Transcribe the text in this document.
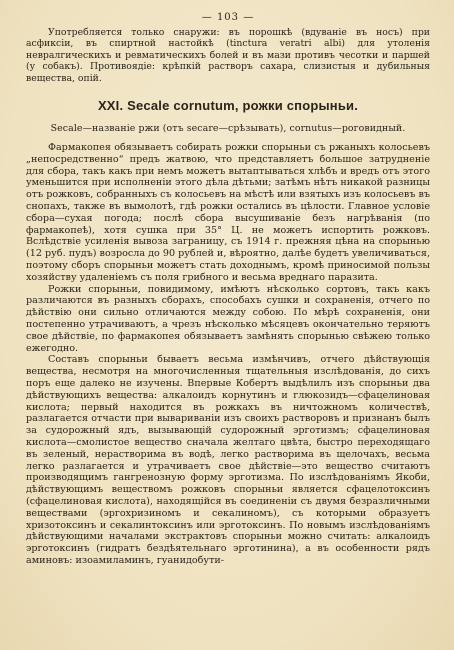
— 103 —

Употребляется только снаружи: въ порошкѣ (вдуваніе въ носъ) при асфиксіи, въ спиртной настойкѣ (tinctura veratri albi) для утоленія невралгическихъ и ревматическихъ болей и въ мази противъ чесотки и паршей (у собакъ). Противоядіе: крѣпкій растворъ сахара, слизистыя и дубильныя вещества, опій.

XXI. Secale cornutum, рожки спорыньи.
Secale—названіе ржи (отъ secare—срѣзывать), cornutus—роговидный.

Фармакопея обязываетъ собирать рожки спорыньи съ ржаныхъ колосьевъ „непосредственно“ предъ жатвою, что представляетъ большое затрудненіе для сбора, такъ какъ при немъ можетъ вытаптываться хлѣбъ и вредъ отъ этого уменьшится при исполненіи этого дѣла дѣтьми; затѣмъ нѣтъ никакой разницы отъ рожковъ, собранныхъ съ колосьевъ на мѣстѣ или взятыхъ изъ колосьевъ въ снопахъ, также въ вымолотѣ, гдѣ рожки остались въ цѣлости. Главное условіе сбора—сухая погода; послѣ сбора высушиваніе безъ нагрѣванія (по фармакопеѣ), хотя сушка при 35° Ц. не можетъ испортить рожковъ. Вслѣдствіе усиленія вывоза заграницу, съ 1914 г. прежняя цѣна на спорынью (12 руб. пудъ) возросла до 90 рублей и, вѣроятно, далѣе будетъ увеличиваться, поэтому сборъ спорыньи можетъ стать доходнымъ, кромѣ приносимой пользы хозяйству удаленіемъ съ поля грибного и весьма вреднаго паразита.

Рожки спорыньи, повидимому, имѣютъ нѣсколько сортовъ, такъ какъ различаются въ разныхъ сборахъ, способахъ сушки и сохраненія, отчего по дѣйствію они сильно отличаются между собою. По мѣрѣ сохраненія, они постепенно утрачиваютъ, а чрезъ нѣсколько мѣсяцевъ окончательно теряютъ свое дѣйствіе, по фармакопея обязываетъ замѣнять спорынью свѣжею только ежегодно.

Составъ спорыньи бываетъ весьма измѣнчивъ, отчего дѣйствующія вещества, несмотря на многочисленныя тщательныя изслѣдованія, до сихъ поръ еще далеко не изучены. Впервые Кобертъ выдѣлилъ изъ спорыньи два дѣйствующихъ вещества: алкалоидъ корнутинъ и глюкозидъ—сфацелиновая кислота; первый находится въ рожкахъ въ ничтожномъ количествѣ, разлагается отчасти при вывариваніи изъ своихъ растворовъ и признанъ былъ за судорожный ядъ, вызывающій судорожный эрготизмъ; сфацелиновая кислота—смолистое вещество сначала желтаго цвѣта, быстро переходящаго въ зеленый, нерастворима въ водѣ, легко растворима въ щелочахъ, весьма легко разлагается и утрачиваетъ свое дѣйствіе—это вещество считаютъ производящимъ гангренозную форму эрготизма. По изслѣдованіямъ Якоби, дѣйствующимъ веществомъ рожковъ спорыньи является сфацелотоксинъ (сфацелиновая кислота), находящійся въ соединеніи съ двумя безразличными веществами (эргохризиномъ и секалиномъ), съ которыми образуетъ хризотоксинъ и секалинтоксинъ или эрготоксинъ. По новымъ изслѣдованіямъ дѣйствующими началами экстрактовъ спорыньи можно считать: алкалоидъ эрготоксинъ (гидратъ бездѣятельнаго эрготинина), а въ особенности рядъ аминовъ: изоамиламинъ, гуанидобути-
